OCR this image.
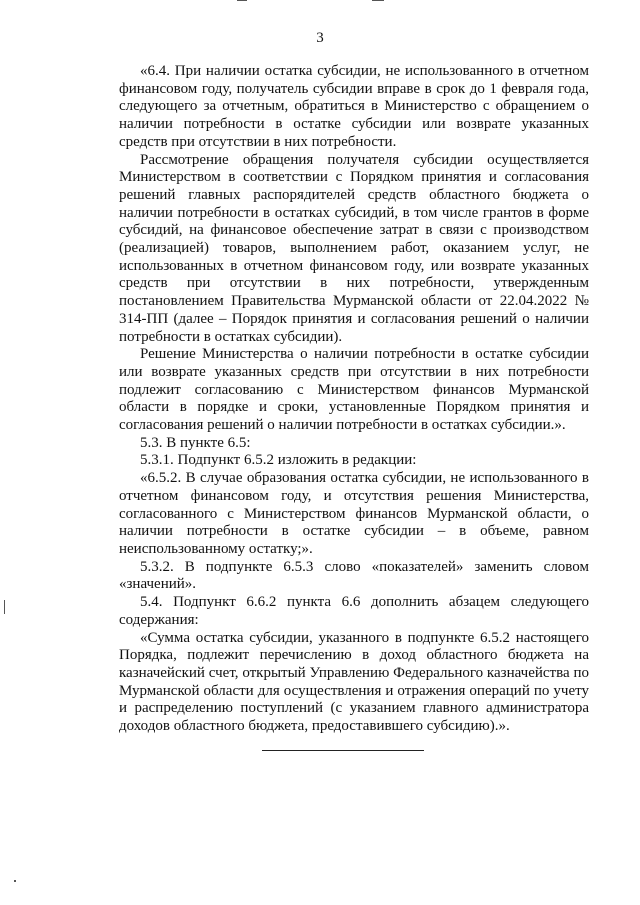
3

«6.4. При наличии остатка субсидии, не использованного в отчетном финансовом году, получатель субсидии вправе в срок до 1 февраля года, следующего за отчетным, обратиться в Министерство с обращением о наличии потребности в остатке субсидии или возврате указанных средств при отсутствии в них потребности.

Рассмотрение обращения получателя субсидии осуществляется Министерством в соответствии с Порядком принятия и согласования решений главных распорядителей средств областного бюджета о наличии потребности в остатках субсидий, в том числе грантов в форме субсидий, на финансовое обеспечение затрат в связи с производством (реализацией) товаров, выполнением работ, оказанием услуг, не использованных в отчетном финансовом году, или возврате указанных средств при отсутствии в них потребности, утвержденным постановлением Правительства Мурманской области от 22.04.2022 № 314-ПП (далее – Порядок принятия и согласования решений о наличии потребности в остатках субсидии).

Решение Министерства о наличии потребности в остатке субсидии или возврате указанных средств при отсутствии в них потребности подлежит согласованию с Министерством финансов Мурманской области в порядке и сроки, установленные Порядком принятия и согласования решений о наличии потребности в остатках субсидии.».

5.3. В пункте 6.5:

5.3.1. Подпункт 6.5.2 изложить в редакции:

«6.5.2. В случае образования остатка субсидии, не использованного в отчетном финансовом году, и отсутствия решения Министерства, согласованного с Министерством финансов Мурманской области, о наличии потребности в остатке субсидии – в объеме, равном неиспользованному остатку;».

5.3.2. В подпункте 6.5.3 слово «показателей» заменить словом «значений».

5.4. Подпункт 6.6.2 пункта 6.6 дополнить абзацем следующего содержания:

«Сумма остатка субсидии, указанного в подпункте 6.5.2 настоящего Порядка, подлежит перечислению в доход областного бюджета на казначейский счет, открытый Управлению Федерального казначейства по Мурманской области для осуществления и отражения операций по учету и распределению поступлений (с указанием главного администратора доходов областного бюджета, предоставившего субсидию).».
